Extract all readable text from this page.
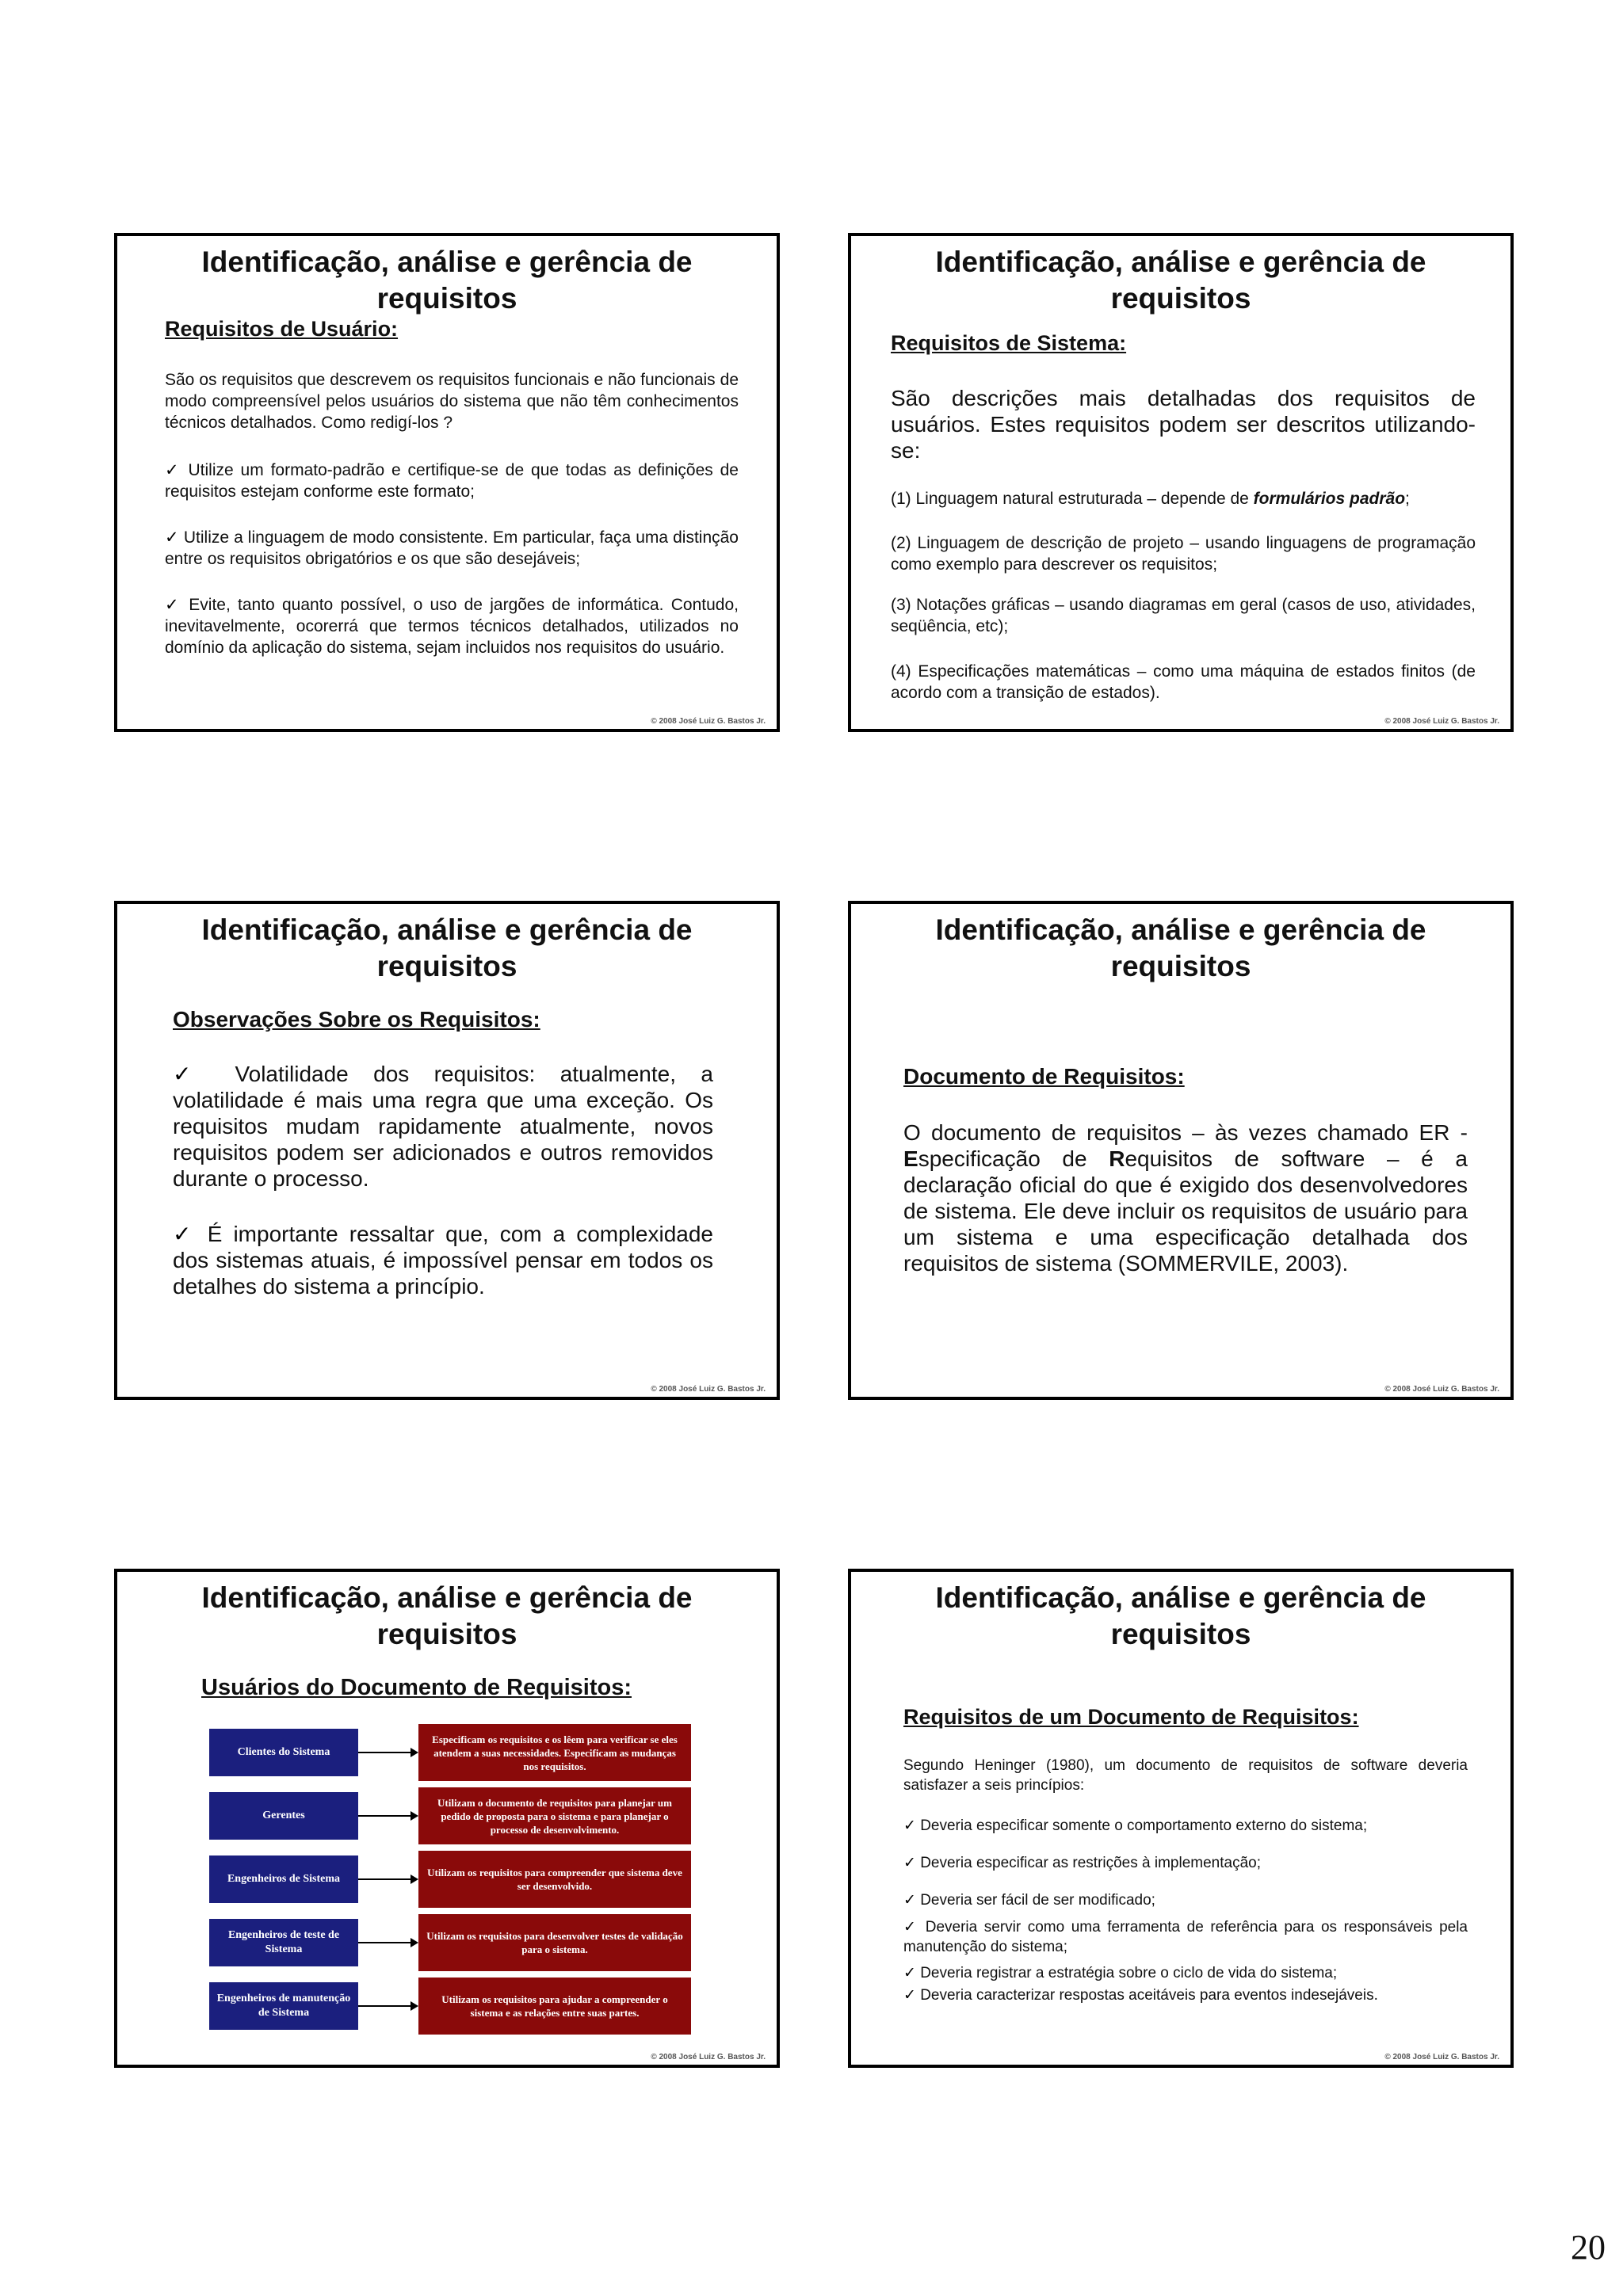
Identificação, análise e gerência de
requisitos
Requisitos de Usuário:

São os requisitos que descrevem os requisitos funcionais e não funcionais de modo compreensível pelos usuários do sistema que não têm conhecimentos técnicos detalhados. Como redigí-los ?

✓ Utilize um formato-padrão e certifique-se de que todas as definições de requisitos estejam conforme este formato;

✓ Utilize a linguagem de modo consistente. Em particular, faça uma distinção entre os requisitos obrigatórios e os que são desejáveis;

✓ Evite, tanto quanto possível, o uso de jargões de informática. Contudo, inevitavelmente, ocorerrá que termos técnicos detalhados, utilizados no domínio da aplicação do sistema, sejam incluidos nos requisitos do usuário.

© 2008 José Luiz G. Bastos Jr.
Identificação, análise e gerência de
requisitos
Requisitos de Sistema:

São descrições mais detalhadas dos requisitos de usuários. Estes requisitos podem ser descritos utilizando-se:

(1) Linguagem natural estruturada – depende de formulários padrão;

(2) Linguagem de descrição de projeto – usando linguagens de programação como exemplo para descrever os requisitos;

(3) Notações gráficas – usando diagramas em geral (casos de uso, atividades, seqüência, etc);

(4) Especificações matemáticas – como uma máquina de estados finitos (de acordo com a transição de estados).

© 2008 José Luiz G. Bastos Jr.
Identificação, análise e gerência de
requisitos
Observações Sobre os Requisitos:

✓ Volatilidade dos requisitos: atualmente, a volatilidade é mais uma regra que uma exceção. Os requisitos mudam rapidamente atualmente, novos requisitos podem ser adicionados e outros removidos durante o processo.

✓ É importante ressaltar que, com a complexidade dos sistemas atuais, é impossível pensar em todos os detalhes do sistema a princípio.

© 2008 José Luiz G. Bastos Jr.
Identificação, análise e gerência de
requisitos
Documento de Requisitos:

O documento de requisitos – às vezes chamado ER - Especificação de Requisitos de software – é a declaração oficial do que é exigido dos desenvolvedores de sistema. Ele deve incluir os requisitos de usuário para um sistema e uma especificação detalhada dos requisitos de sistema (SOMMERVILE, 2003).

© 2008 José Luiz G. Bastos Jr.
Identificação, análise e gerência de
requisitos
Usuários do Documento de Requisitos:
Clientes do Sistema
Especificam os requisitos e os lêem para verificar se eles atendem a suas necessidades. Especificam as mudanças nos requisitos.
Gerentes
Utilizam o documento de requisitos para planejar um pedido de proposta para o sistema e para planejar o processo de desenvolvimento.
Engenheiros de Sistema
Utilizam os requisitos para compreender que sistema deve ser desenvolvido.
Engenheiros de teste de Sistema
Utilizam os requisitos para desenvolver testes de validação para o sistema.
Engenheiros de manutenção de Sistema
Utilizam os requisitos para ajudar a compreender o sistema e as relações entre suas partes.
© 2008 José Luiz G. Bastos Jr.
Identificação, análise e gerência de
requisitos
Requisitos de um Documento de Requisitos:

Segundo Heninger (1980), um documento de requisitos de software deveria satisfazer a seis princípios:

✓ Deveria especificar somente o comportamento externo do sistema;

✓ Deveria especificar as restrições à implementação;

✓ Deveria ser fácil de ser modificado;

✓ Deveria servir como uma ferramenta de referência para os responsáveis pela manutenção do sistema;

✓ Deveria registrar a estratégia sobre o ciclo de vida do sistema;

✓ Deveria caracterizar respostas aceitáveis para eventos indesejáveis.

© 2008 José Luiz G. Bastos Jr.
20
